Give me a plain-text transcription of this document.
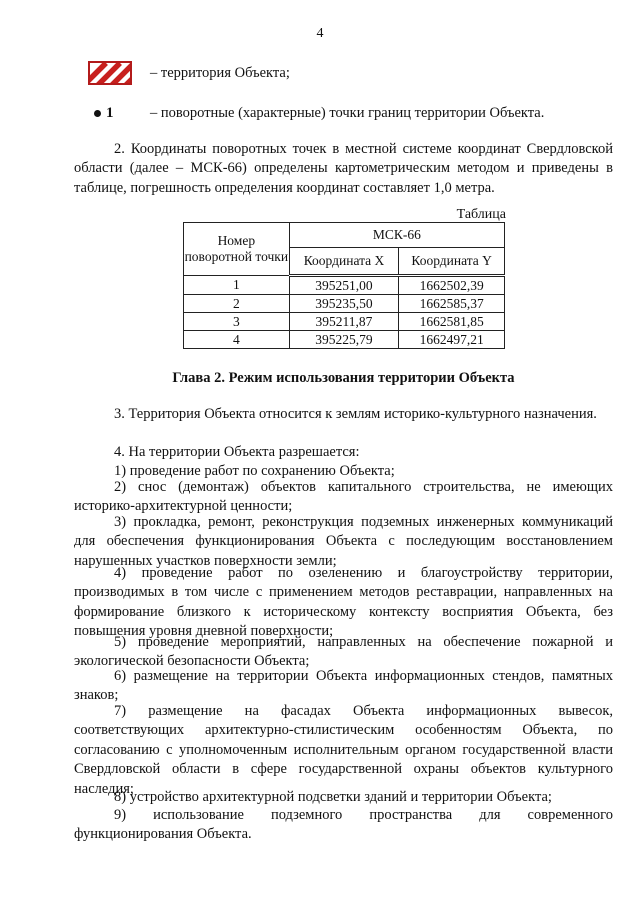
4
– территория Объекта;
1	– поворотные (характерные) точки границ территории Объекта.

2. Координаты поворотных точек в местной системе координат Свердловской области (далее – МСК-66) определены картометрическим методом и приведены в таблице, погрешность определения координат составляет 1,0 метра.

Таблица
Номер поворотной точки	МСК-66	
	Координата X	Координата Y
1	395251,00	1662502,39
2	395235,50	1662585,37
3	395211,87	1662581,85
4	395225,79	1662497,21
Глава 2. Режим использования территории Объекта

3. Территория Объекта относится к землям историко-культурного назначения.

4. На территории Объекта разрешается:

1) проведение работ по сохранению Объекта;

2) снос (демонтаж) объектов капитального строительства, не имеющих историко-архитектурной ценности;

3) прокладка, ремонт, реконструкция подземных инженерных коммуникаций для обеспечения функционирования Объекта с последующим восстановлением нарушенных участков поверхности земли;

4) проведение работ по озеленению и благоустройству территории, производимых в том числе с применением методов реставрации, направленных на формирование близкого к историческому контексту восприятия Объекта, без повышения уровня дневной поверхности;

5) проведение мероприятий, направленных на обеспечение пожарной и экологической безопасности Объекта;

6) размещение на территории Объекта информационных стендов, памятных знаков;

7) размещение на фасадах Объекта информационных вывесок, соответствующих архитектурно-стилистическим особенностям Объекта, по согласованию с уполномоченным исполнительным органом государственной власти Свердловской области в сфере государственной охраны объектов культурного наследия;

8) устройство архитектурной подсветки зданий и территории Объекта;

9) использование подземного пространства для современного функционирования Объекта.
